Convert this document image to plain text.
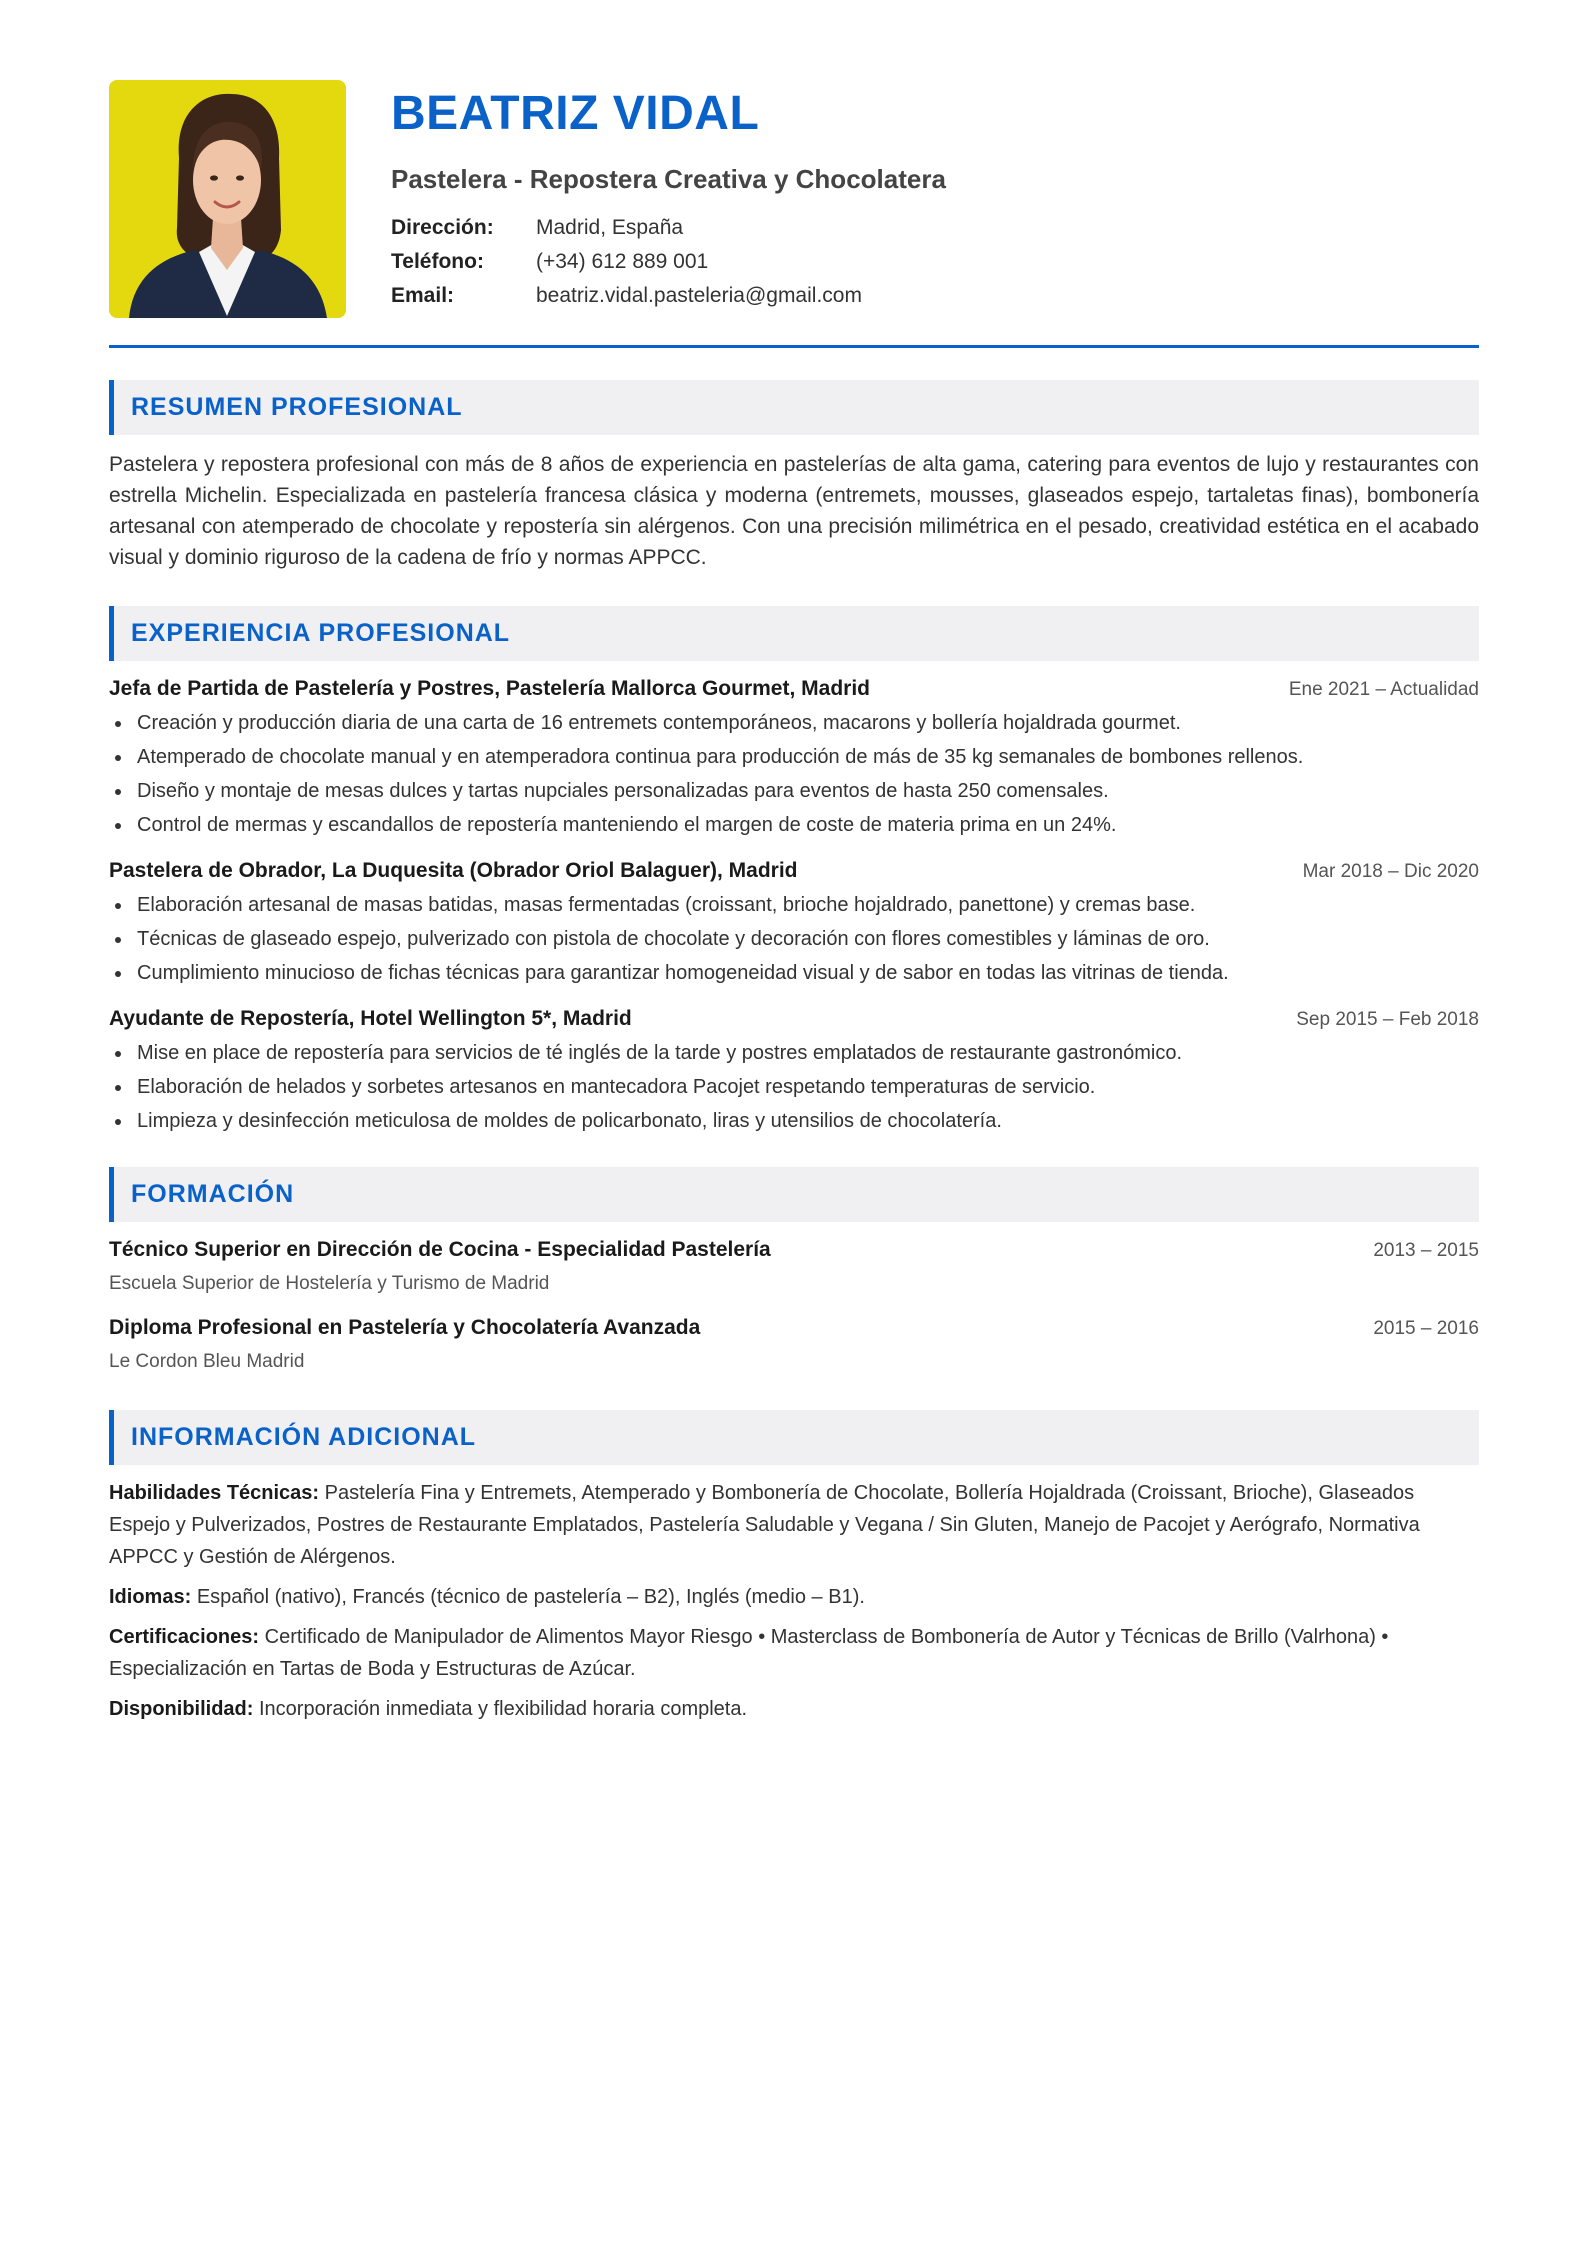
BEATRIZ VIDAL
Pastelera - Repostera Creativa y Chocolatera
Dirección:	Madrid, España
Teléfono:	(+34) 612 889 001
Email:	beatriz.vidal.pasteleria@gmail.com
RESUMEN PROFESIONAL

Pastelera y repostera profesional con más de 8 años de experiencia en pastelerías de alta gama, catering para eventos de lujo y restaurantes con estrella Michelin. Especializada en pastelería francesa clásica y moderna (entremets, mousses, glaseados espejo, tartaletas finas), bombonería artesanal con atemperado de chocolate y repostería sin alérgenos. Con una precisión milimétrica en el pesado, creatividad estética en el acabado visual y dominio riguroso de la cadena de frío y normas APPCC.

EXPERIENCIA PROFESIONAL
Jefa de Partida de Pastelería y Postres, Pastelería Mallorca Gourmet, Madrid	Ene 2021 – Actualidad
Creación y producción diaria de una carta de 16 entremets contemporáneos, macarons y bollería hojaldrada gourmet.
Atemperado de chocolate manual y en atemperadora continua para producción de más de 35 kg semanales de bombones rellenos.
Diseño y montaje de mesas dulces y tartas nupciales personalizadas para eventos de hasta 250 comensales.
Control de mermas y escandallos de repostería manteniendo el margen de coste de materia prima en un 24%.
Pastelera de Obrador, La Duquesita (Obrador Oriol Balaguer), Madrid	Mar 2018 – Dic 2020
Elaboración artesanal de masas batidas, masas fermentadas (croissant, brioche hojaldrado, panettone) y cremas base.
Técnicas de glaseado espejo, pulverizado con pistola de chocolate y decoración con flores comestibles y láminas de oro.
Cumplimiento minucioso de fichas técnicas para garantizar homogeneidad visual y de sabor en todas las vitrinas de tienda.
Ayudante de Repostería, Hotel Wellington 5*, Madrid	Sep 2015 – Feb 2018
Mise en place de repostería para servicios de té inglés de la tarde y postres emplatados de restaurante gastronómico.
Elaboración de helados y sorbetes artesanos en mantecadora Pacojet respetando temperaturas de servicio.
Limpieza y desinfección meticulosa de moldes de policarbonato, liras y utensilios de chocolatería.
FORMACIÓN
Técnico Superior en Dirección de Cocina - Especialidad Pastelería	2013 – 2015
Escuela Superior de Hostelería y Turismo de Madrid
Diploma Profesional en Pastelería y Chocolatería Avanzada	2015 – 2016
Le Cordon Bleu Madrid
INFORMACIÓN ADICIONAL

Habilidades Técnicas: Pastelería Fina y Entremets, Atemperado y Bombonería de Chocolate, Bollería Hojaldrada (Croissant, Brioche), Glaseados Espejo y Pulverizados, Postres de Restaurante Emplatados, Pastelería Saludable y Vegana / Sin Gluten, Manejo de Pacojet y Aerógrafo, Normativa APPCC y Gestión de Alérgenos.

Idiomas: Español (nativo), Francés (técnico de pastelería – B2), Inglés (medio – B1).

Certificaciones: Certificado de Manipulador de Alimentos Mayor Riesgo • Masterclass de Bombonería de Autor y Técnicas de Brillo (Valrhona) • Especialización en Tartas de Boda y Estructuras de Azúcar.

Disponibilidad: Incorporación inmediata y flexibilidad horaria completa.
